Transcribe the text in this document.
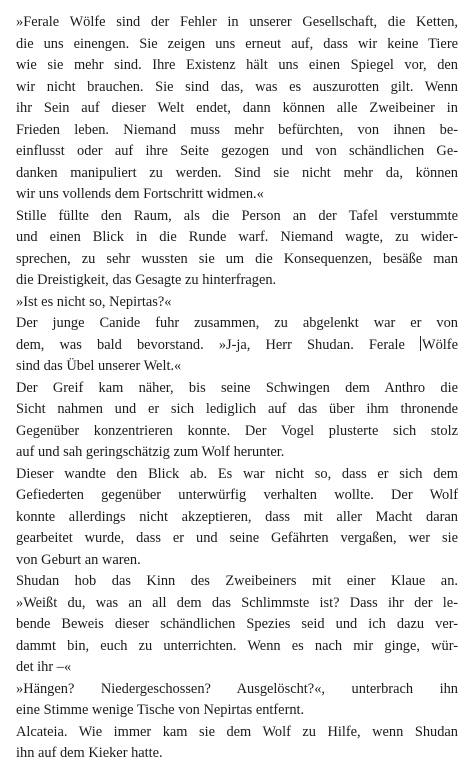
»Ferale Wölfe sind der Fehler in unserer Gesellschaft, die Ketten,
die uns einengen. Sie zeigen uns erneut auf, dass wir keine Tiere
wie sie mehr sind. Ihre Existenz hält uns einen Spiegel vor, den
wir nicht brauchen. Sie sind das, was es auszurotten gilt. Wenn
ihr Sein auf dieser Welt endet, dann können alle Zweibeiner in
Frieden leben. Niemand muss mehr befürchten, von ihnen be-
einflusst oder auf ihre Seite gezogen und von schändlichen Ge-
danken manipuliert zu werden. Sind sie nicht mehr da, können
wir uns vollends dem Fortschritt widmen.«

Stille füllte den Raum, als die Person an der Tafel verstummte
und einen Blick in die Runde warf. Niemand wagte, zu wider-
sprechen, zu sehr wussten sie um die Konsequenzen, besäße man
die Dreistigkeit, das Gesagte zu hinterfragen.

»Ist es nicht so, Nepirtas?«

Der junge Canide fuhr zusammen, zu abgelenkt war er von
dem, was bald bevorstand. »J-ja, Herr Shudan. Ferale Wölfe
sind das Übel unserer Welt.«

Der Greif kam näher, bis seine Schwingen dem Anthro die
Sicht nahmen und er sich lediglich auf das über ihm thronende
Gegenüber konzentrieren konnte. Der Vogel plusterte sich stolz
auf und sah geringschätzig zum Wolf herunter.

Dieser wandte den Blick ab. Es war nicht so, dass er sich dem
Gefiederten gegenüber unterwürfig verhalten wollte. Der Wolf
konnte allerdings nicht akzeptieren, dass mit aller Macht daran
gearbeitet wurde, dass er und seine Gefährten vergaßen, wer sie
von Geburt an waren.

Shudan hob das Kinn des Zweibeiners mit einer Klaue an.
»Weißt du, was an all dem das Schlimmste ist? Dass ihr der le-
bende Beweis dieser schändlichen Spezies seid und ich dazu ver-
dammt bin, euch zu unterrichten. Wenn es nach mir ginge, wür-
det ihr –«

»Hängen? Niedergeschossen? Ausgelöscht?«, unterbrach ihn
eine Stimme wenige Tische von Nepirtas entfernt.

Alcateia. Wie immer kam sie dem Wolf zu Hilfe, wenn Shudan
ihn auf dem Kieker hatte.
